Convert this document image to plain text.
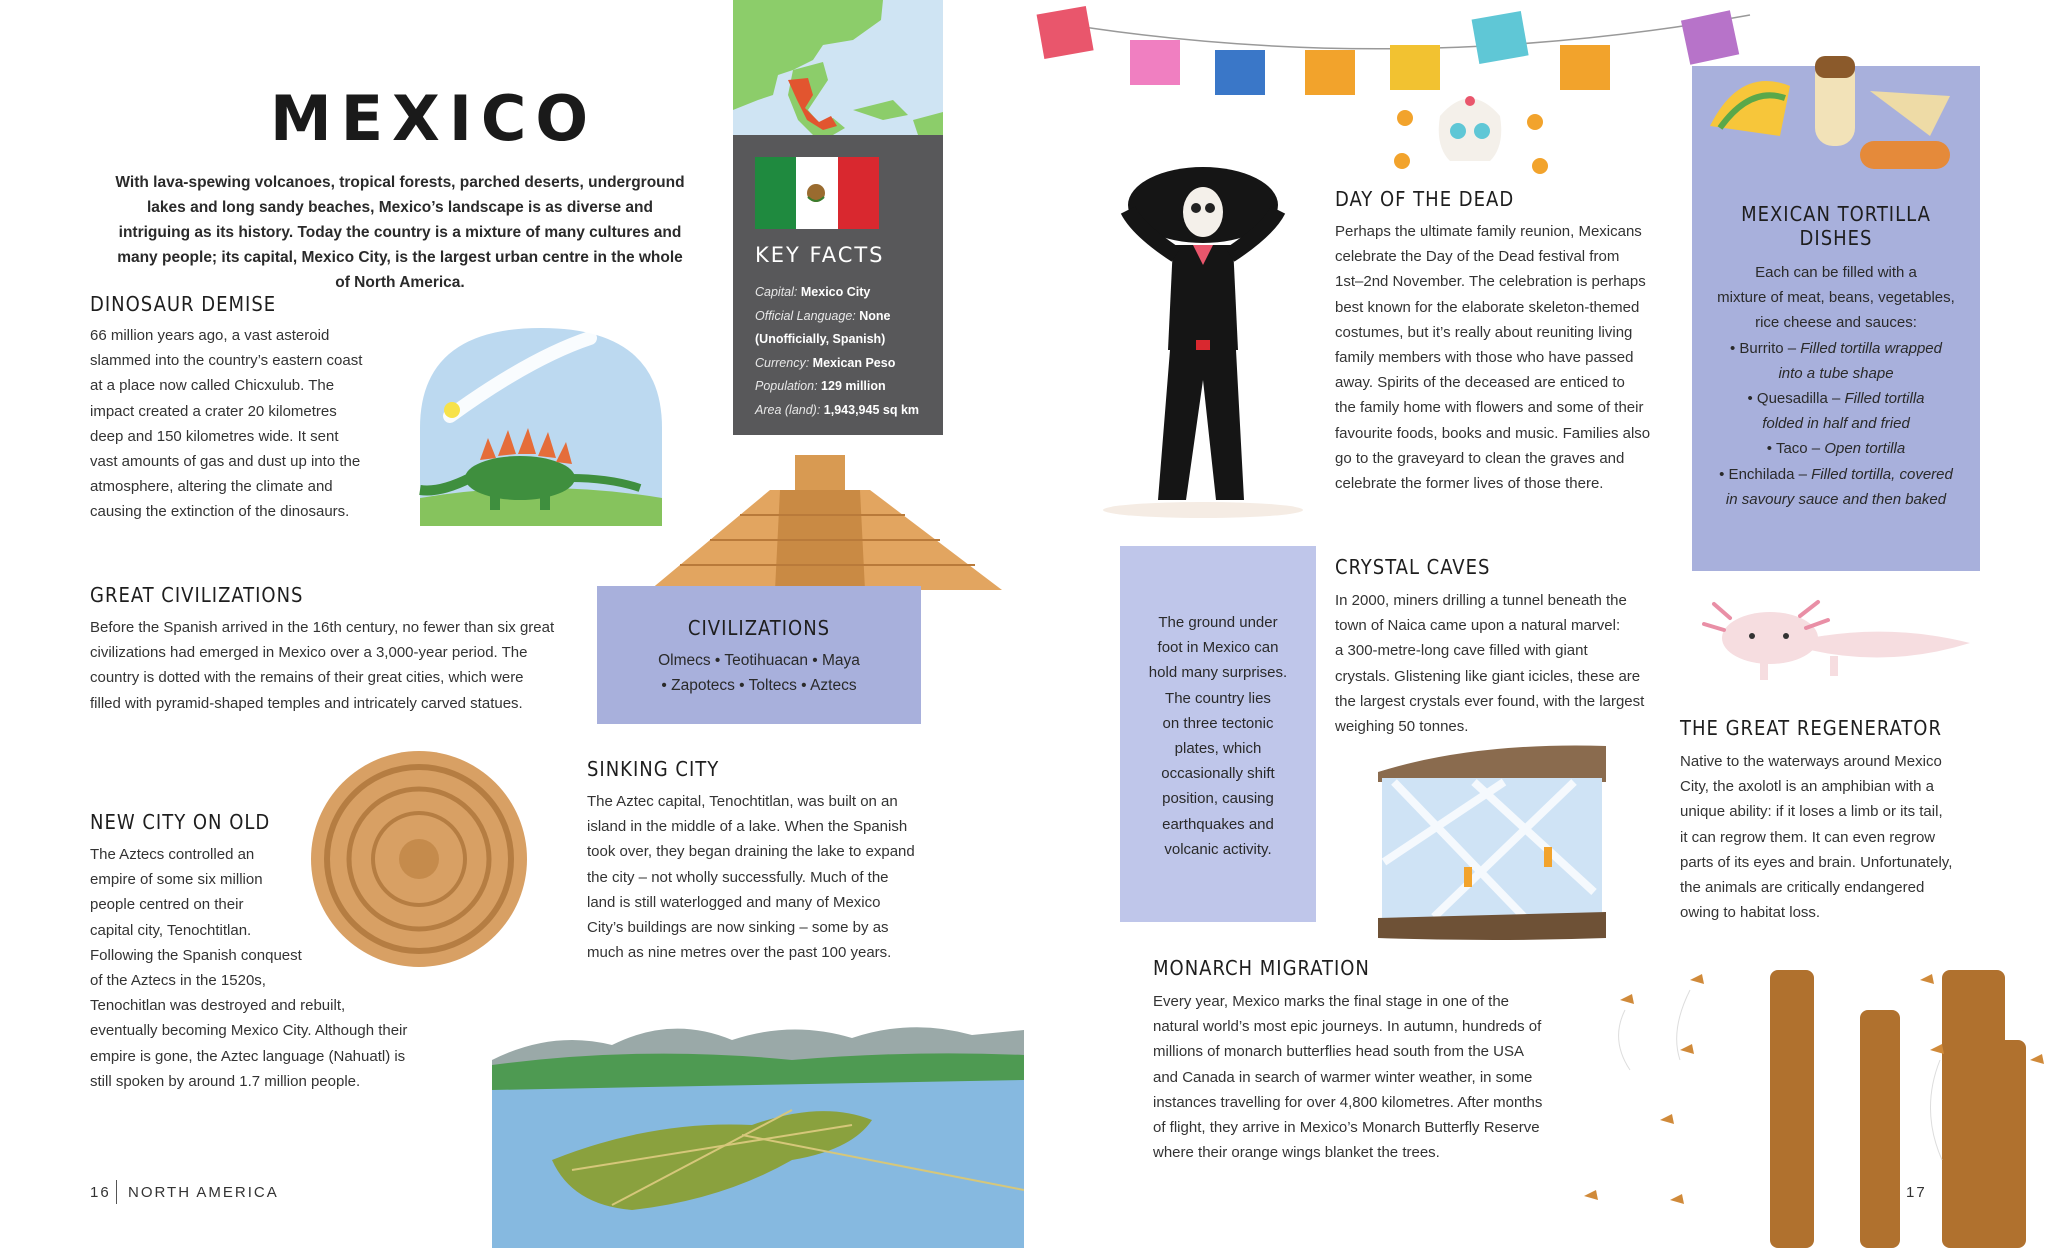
MEXICO
With lava-spewing volcanoes, tropical forests, parched deserts, underground lakes and long sandy beaches, Mexico’s landscape is as diverse and intriguing as its history. Today the country is a mixture of many cultures and many people; its capital, Mexico City, is the largest urban centre in the whole of North America.
KEY FACTS
Capital: Mexico City
Official Language: None (Unofficially, Spanish)
Currency: Mexican Peso
Population: 129 million
Area (land): 1,943,945 sq km
DINOSAUR DEMISE
66 million years ago, a vast asteroid
slammed into the country’s eastern coast
at a place now called Chicxulub. The
impact created a crater 20 kilometres
deep and 150 kilometres wide. It sent
vast amounts of gas and dust up into the
atmosphere, altering the climate and
causing the extinction of the dinosaurs.
GREAT CIVILIZATIONS
Before the Spanish arrived in the 16th century, no fewer than six great
civilizations had emerged in Mexico over a 3,000-year period. The
country is dotted with the remains of their great cities, which were
filled with pyramid-shaped temples and intricately carved statues.
CIVILIZATIONS
Olmecs • Teotihuacan • Maya
• Zapotecs • Toltecs • Aztecs
NEW CITY ON OLD
The Aztecs controlled an
empire of some six million
people centred on their
capital city, Tenochtitlan.
Following the Spanish conquest
of the Aztecs in the 1520s,
Tenochitlan was destroyed and rebuilt,
eventually becoming Mexico City. Although their
empire is gone, the Aztec language (Nahuatl) is
still spoken by around 1.7 million people.
SINKING CITY
The Aztec capital, Tenochtitlan, was built on an
island in the middle of a lake. When the Spanish
took over, they began draining the lake to expand
the city – not wholly successfully. Much of the
land is still waterlogged and many of Mexico
City’s buildings are now sinking – some by as
much as nine metres over the past 100 years.
16 NORTH AMERICA
DAY OF THE DEAD
Perhaps the ultimate family reunion, Mexicans
celebrate the Day of the Dead festival from
1st–2nd November. The celebration is perhaps
best known for the elaborate skeleton-themed
costumes, but it’s really about reuniting living
family members with those who have passed
away. Spirits of the deceased are enticed to
the family home with flowers and some of their
favourite foods, books and music. Families also
go to the graveyard to clean the graves and
celebrate the former lives of those there.
MEXICAN TORTILLA
DISHES
Each can be filled with a
mixture of meat, beans, vegetables,
rice cheese and sauces:
• Burrito – Filled tortilla wrapped
into a tube shape
• Quesadilla – Filled tortilla
folded in half and fried
• Taco – Open tortilla
• Enchilada – Filled tortilla, covered
in savoury sauce and then baked
The ground under
foot in Mexico can
hold many surprises.
The country lies
on three tectonic
plates, which
occasionally shift
position, causing
earthquakes and
volcanic activity.
CRYSTAL CAVES
In 2000, miners drilling a tunnel beneath the
town of Naica came upon a natural marvel:
a 300-metre-long cave filled with giant
crystals. Glistening like giant icicles, these are
the largest crystals ever found, with the largest
weighing 50 tonnes.	THE GREAT REGENERATOR
Native to the waterways around Mexico
City, the axolotl is an amphibian with a
unique ability: if it loses a limb or its tail,
it can regrow them. It can even regrow
parts of its eyes and brain. Unfortunately,
the animals are critically endangered
owing to habitat loss.
MONARCH MIGRATION
Every year, Mexico marks the final stage in one of the
natural world’s most epic journeys. In autumn, hundreds of
millions of monarch butterflies head south from the USA
and Canada in search of warmer winter weather, in some
instances travelling for over 4,800 kilometres. After months
of flight, they arrive in Mexico’s Monarch Butterfly Reserve
where their orange wings blanket the trees.
17
